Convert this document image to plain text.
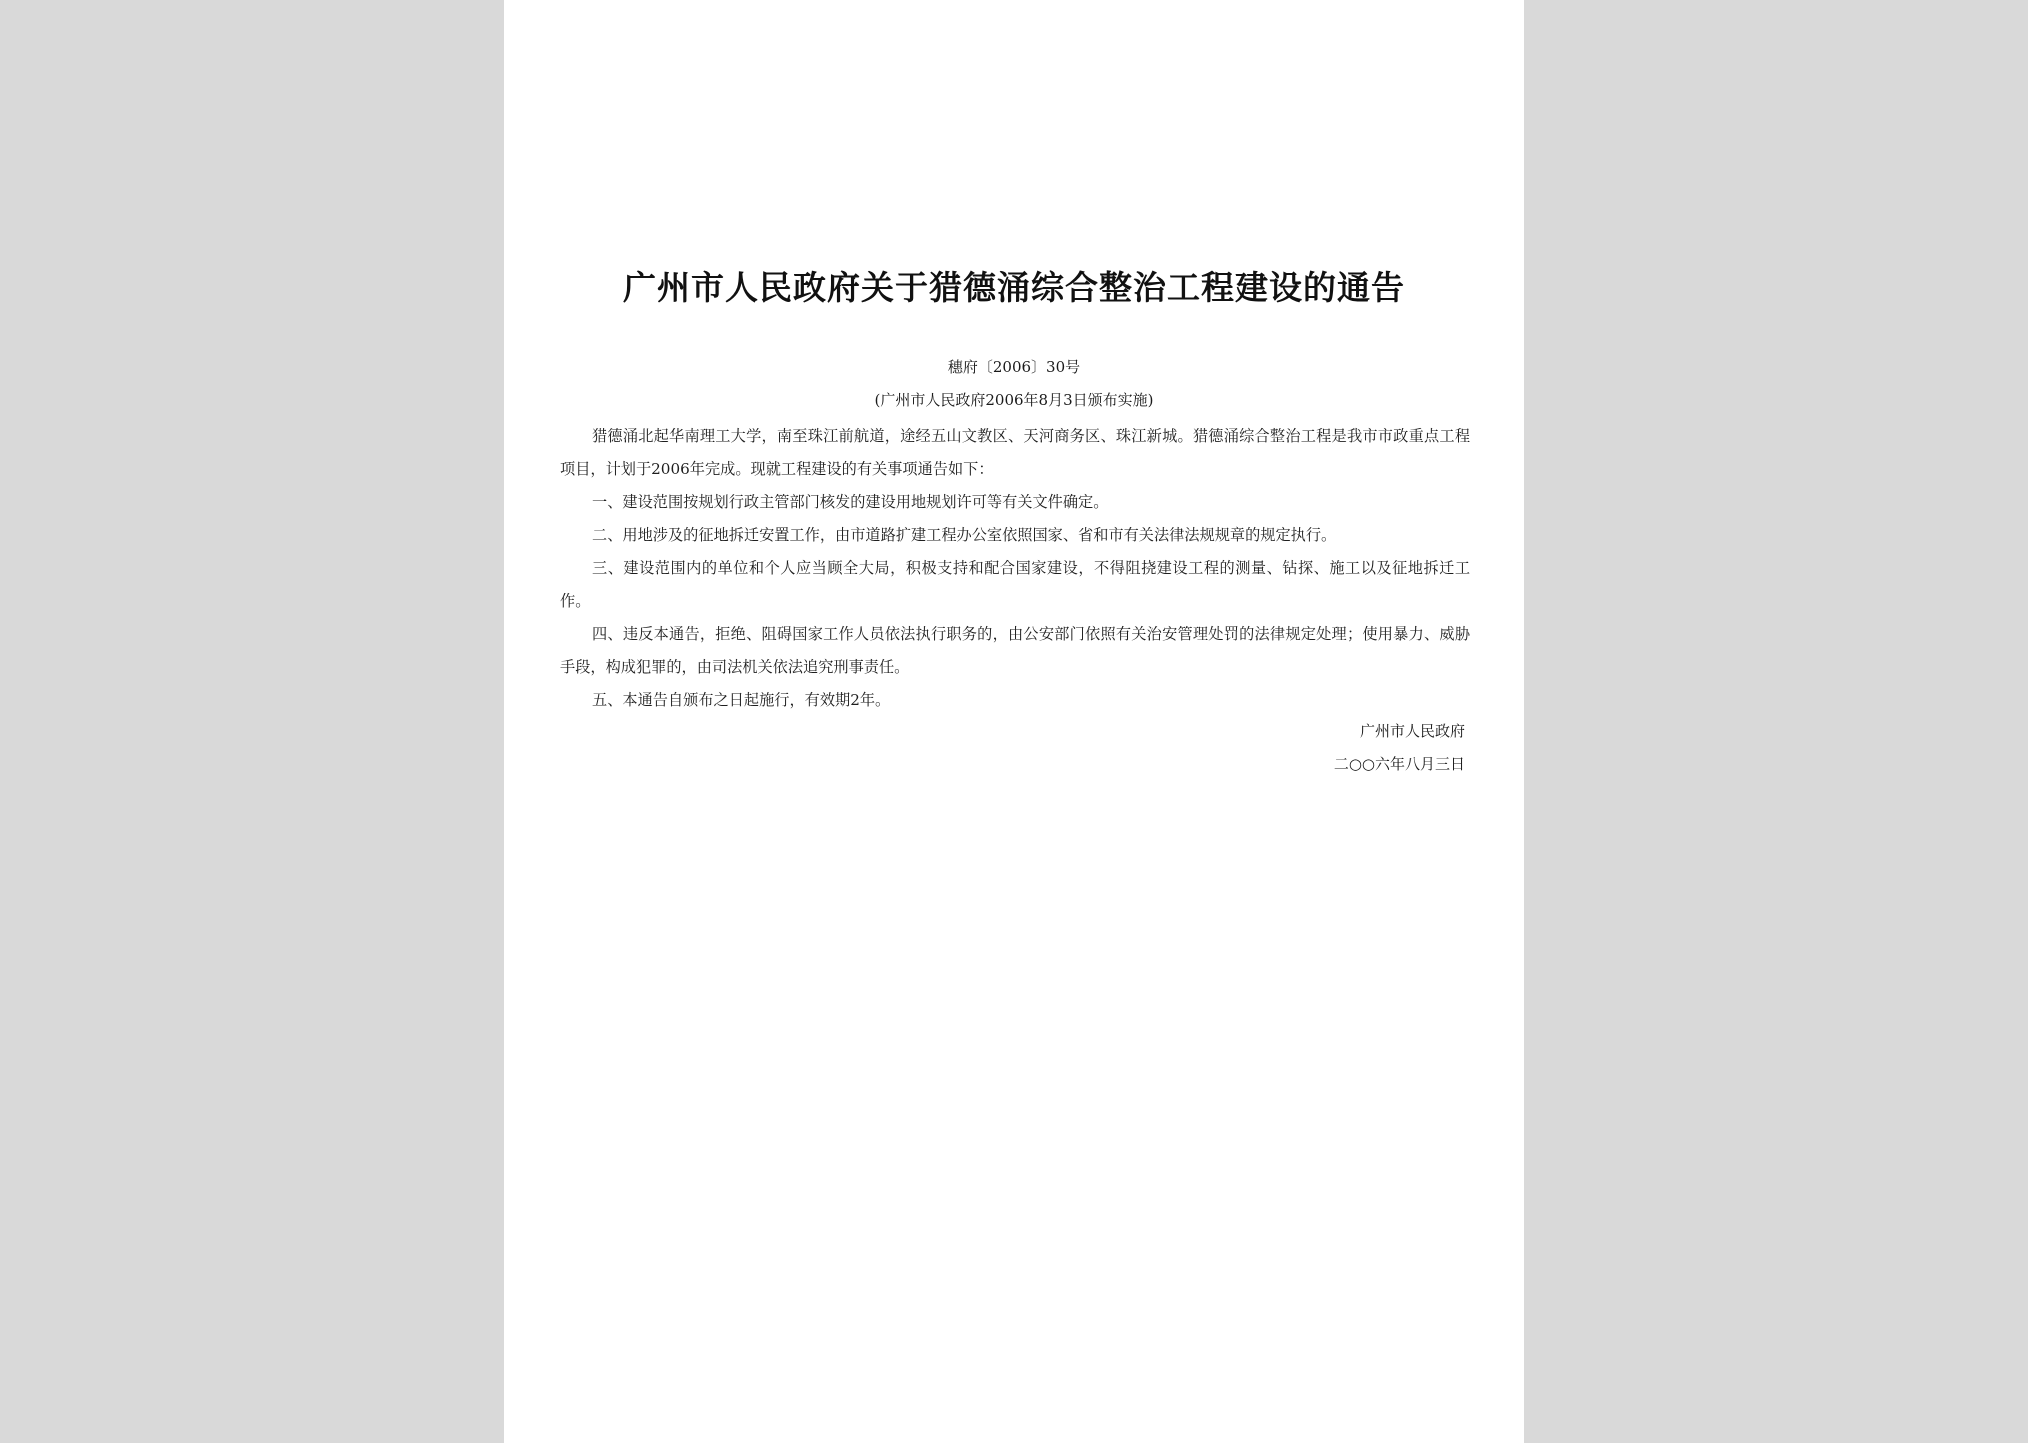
广州市人民政府关于猎德涌综合整治工程建设的通告
穗府〔2006〕30号
(广州市人民政府2006年8月3日颁布实施)

猎德涌北起华南理工大学，南至珠江前航道，途经五山文教区、天河商务区、珠江新城。猎德涌综合整治工程是我市市政重点工程项目，计划于2006年完成。现就工程建设的有关事项通告如下：

一、建设范围按规划行政主管部门核发的建设用地规划许可等有关文件确定。

二、用地涉及的征地拆迁安置工作，由市道路扩建工程办公室依照国家、省和市有关法律法规规章的规定执行。

三、建设范围内的单位和个人应当顾全大局，积极支持和配合国家建设，不得阻挠建设工程的测量、钻探、施工以及征地拆迁工作。

四、违反本通告，拒绝、阻碍国家工作人员依法执行职务的，由公安部门依照有关治安管理处罚的法律规定处理；使用暴力、威胁手段，构成犯罪的，由司法机关依法追究刑事责任。

五、本通告自颁布之日起施行，有效期2年。

广州市人民政府
二○○六年八月三日
